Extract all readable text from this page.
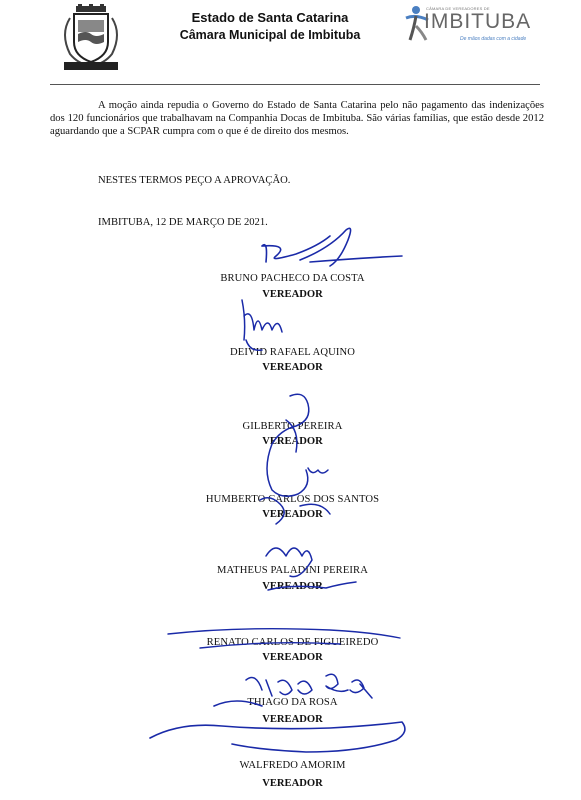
Estado de Santa Catarina
Câmara Municipal de Imbituba
CÂMARA DE VEREADORES DE
IMBITUBA
De mãos dadas com a cidade

A moção ainda repudia o Governo do Estado de Santa Catarina pelo não pagamento das indenizações dos 120 funcionários que trabalhavam na Companhia Docas de Imbituba. São várias famílias, que estão desde 2012 aguardando que a SCPAR cumpra com o que é de direito dos mesmos.

NESTES TERMOS PEÇO A APROVAÇÃO.
IMBITUBA, 12 DE MARÇO DE 2021.
BRUNO PACHECO DA COSTA
VEREADOR
DEIVID RAFAEL AQUINO
VEREADOR
GILBERTO PEREIRA
VEREADOR
HUMBERTO CARLOS DOS SANTOS
VEREADOR
MATHEUS PALADINI PEREIRA
VEREADOR
RENATO CARLOS DE FIGUEIREDO
VEREADOR
THIAGO DA ROSA
VEREADOR
WALFREDO AMORIM
VEREADOR
